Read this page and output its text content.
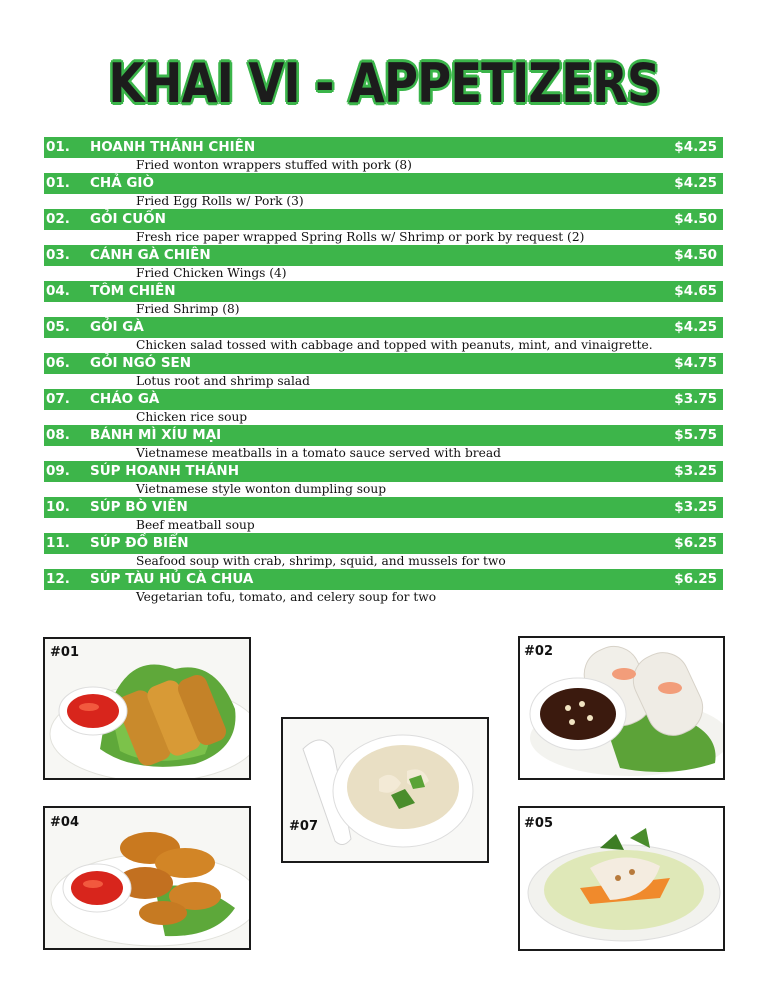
KHAI VI - APPETIZERS
01. HOANH THÁNH CHIÊN	$4.25
Fried wonton wrappers stuffed with pork (8)
01. CHẢ GIÒ	$4.25
Fried Egg Rolls w/ Pork (3)
02. GỎI CUỐN	$4.50
Fresh rice paper wrapped Spring Rolls w/ Shrimp or pork by request (2)
03. CÁNH GÀ CHIÊN	$4.50
Fried Chicken Wings (4)
04. TÔM CHIÊN	$4.65
Fried Shrimp (8)
05. GỎI GÀ	$4.25
Chicken salad tossed with cabbage and topped with peanuts, mint, and vinaigrette.
06. GỎI NGÓ SEN	$4.75
Lotus root and shrimp salad
07. CHÁO GÀ	$3.75
Chicken rice soup
08. BÁNH MÌ XÍU MẠI	$5.75
Vietnamese meatballs in a tomato sauce served with bread
09. SÚP HOANH THÁNH	$3.25
Vietnamese style wonton dumpling soup
10. SÚP BÒ VIÊN	$3.25
Beef meatball soup
11. SÚP ĐỒ BIỂN	$6.25
Seafood soup with crab, shrimp, squid, and mussels for two
12. SÚP TÀU HỦ CÀ CHUA	$6.25
Vegetarian tofu, tomato, and celery soup for two
#01	#02
#07
#04	#05
